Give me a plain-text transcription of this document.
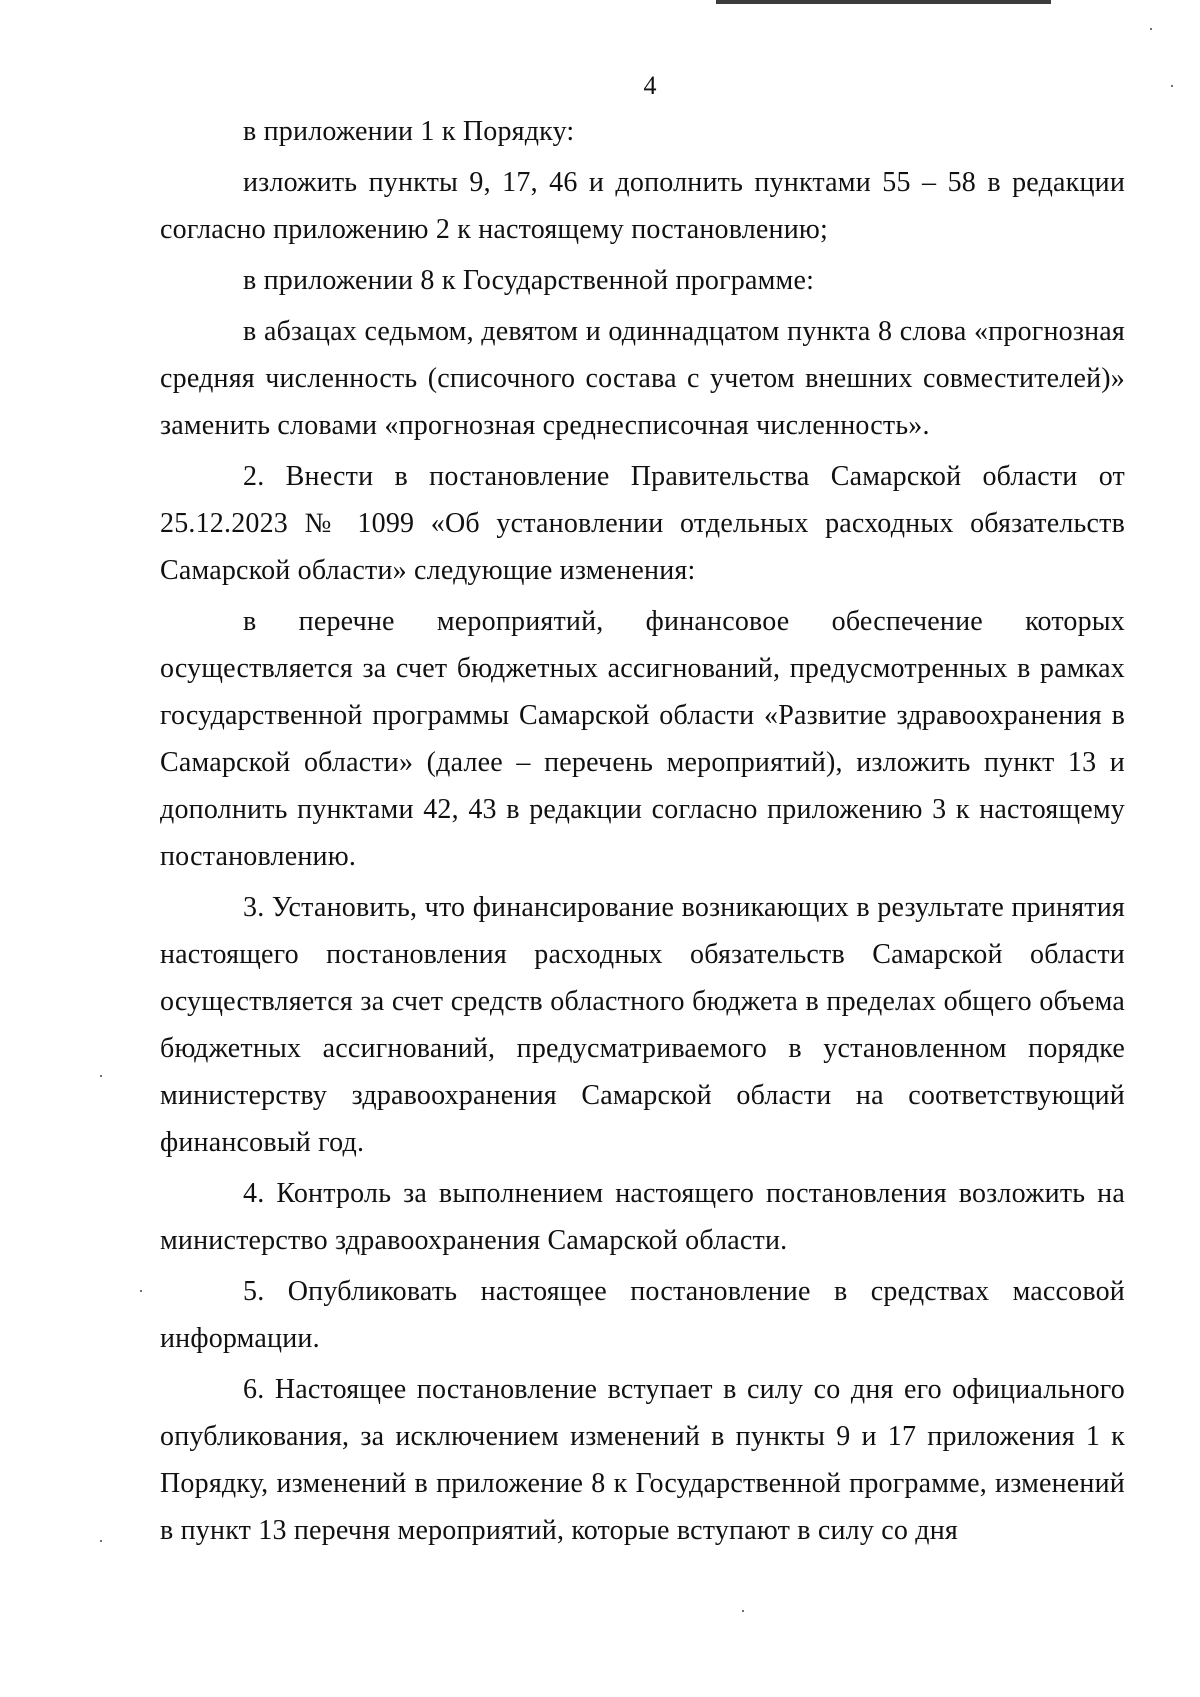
4

в приложении 1 к Порядку:

изложить пункты 9, 17, 46 и дополнить пунктами 55 – 58 в редакции согласно приложению 2 к настоящему постановлению;

в приложении 8 к Государственной программе:

в абзацах седьмом, девятом и одиннадцатом пункта 8 слова «прогнозная средняя численность (списочного состава с учетом внешних совместителей)» заменить словами «прогнозная среднесписочная численность».

2. Внести в постановление Правительства Самарской области от 25.12.2023 № 1099 «Об установлении отдельных расходных обязательств Самарской области» следующие изменения:

в перечне мероприятий, финансовое обеспечение которых осуществляется за счет бюджетных ассигнований, предусмотренных в рамках государственной программы Самарской области «Развитие здравоохранения в Самарской области» (далее – перечень мероприятий), изложить пункт 13 и дополнить пунктами 42, 43 в редакции согласно приложению 3 к настоящему постановлению.

3. Установить, что финансирование возникающих в результате принятия настоящего постановления расходных обязательств Самарской области осуществляется за счет средств областного бюджета в пределах общего объема бюджетных ассигнований, предусматриваемого в установленном порядке министерству здравоохранения Самарской области на соответствующий финансовый год.

4. Контроль за выполнением настоящего постановления возложить на министерство здравоохранения Самарской области.

5. Опубликовать настоящее постановление в средствах массовой информации.

6. Настоящее постановление вступает в силу со дня его официального опубликования, за исключением изменений в пункты 9 и 17 приложения 1 к Порядку, изменений в приложение 8 к Государственной программе, изменений в пункт 13 перечня мероприятий, которые вступают в силу со дня
